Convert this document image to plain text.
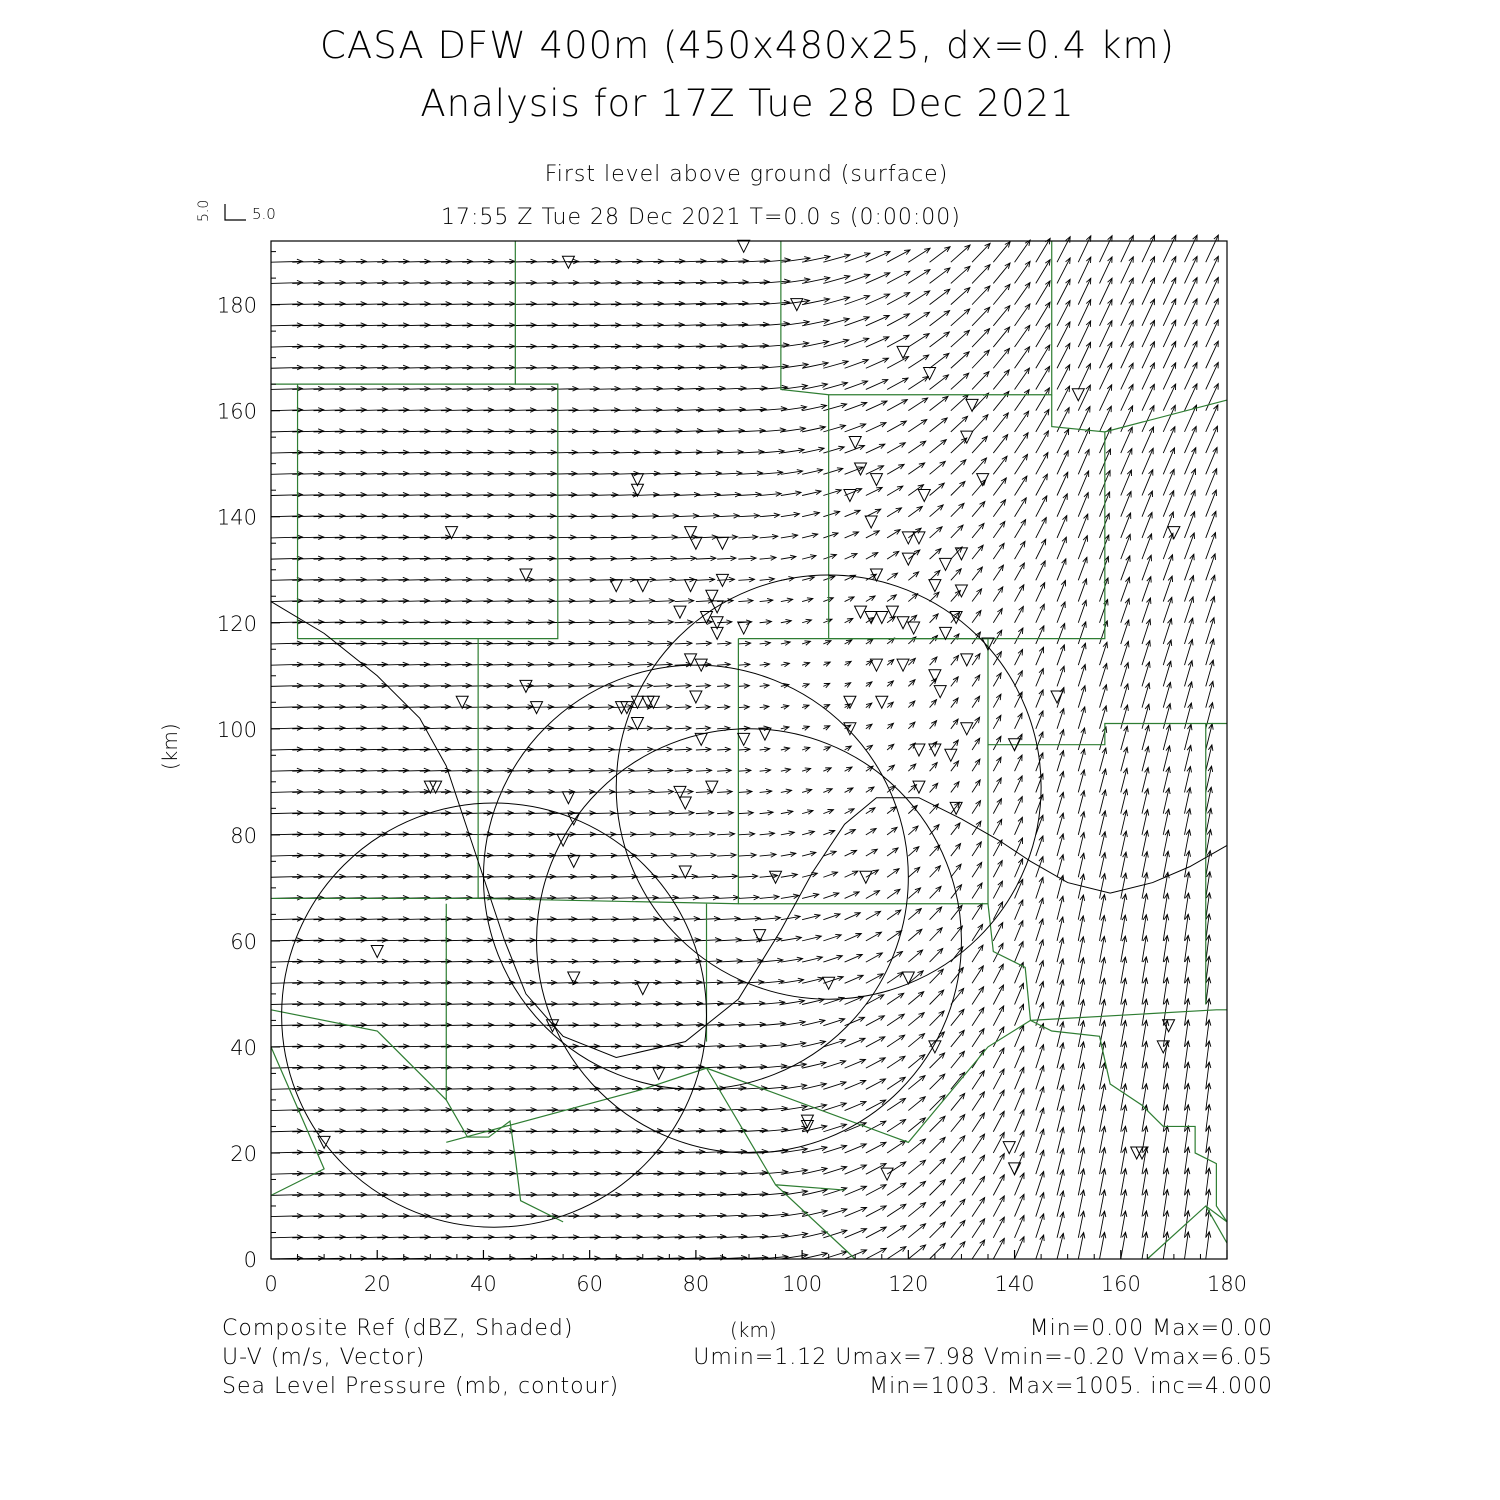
CASA DFW 400m (450x480x25, dx=0.4 km)
Analysis for 17Z Tue 28 Dec 2021
First level above ground (surface)
17:55 Z Tue 28 Dec 2021 T=0.0 s (0:00:00)
5.0	5.0
(km)
(km)
0	20	40	60	80	100	120	140	160	180
0
20
40
60
80
100
120
140
160
180
Composite Ref (dBZ, Shaded)	Min=0.00 Max=0.00
U-V (m/s, Vector)	Umin=1.12 Umax=7.98 Vmin=-0.20 Vmax=6.05
Sea Level Pressure (mb, contour)	Min=1003. Max=1005. inc=4.000
